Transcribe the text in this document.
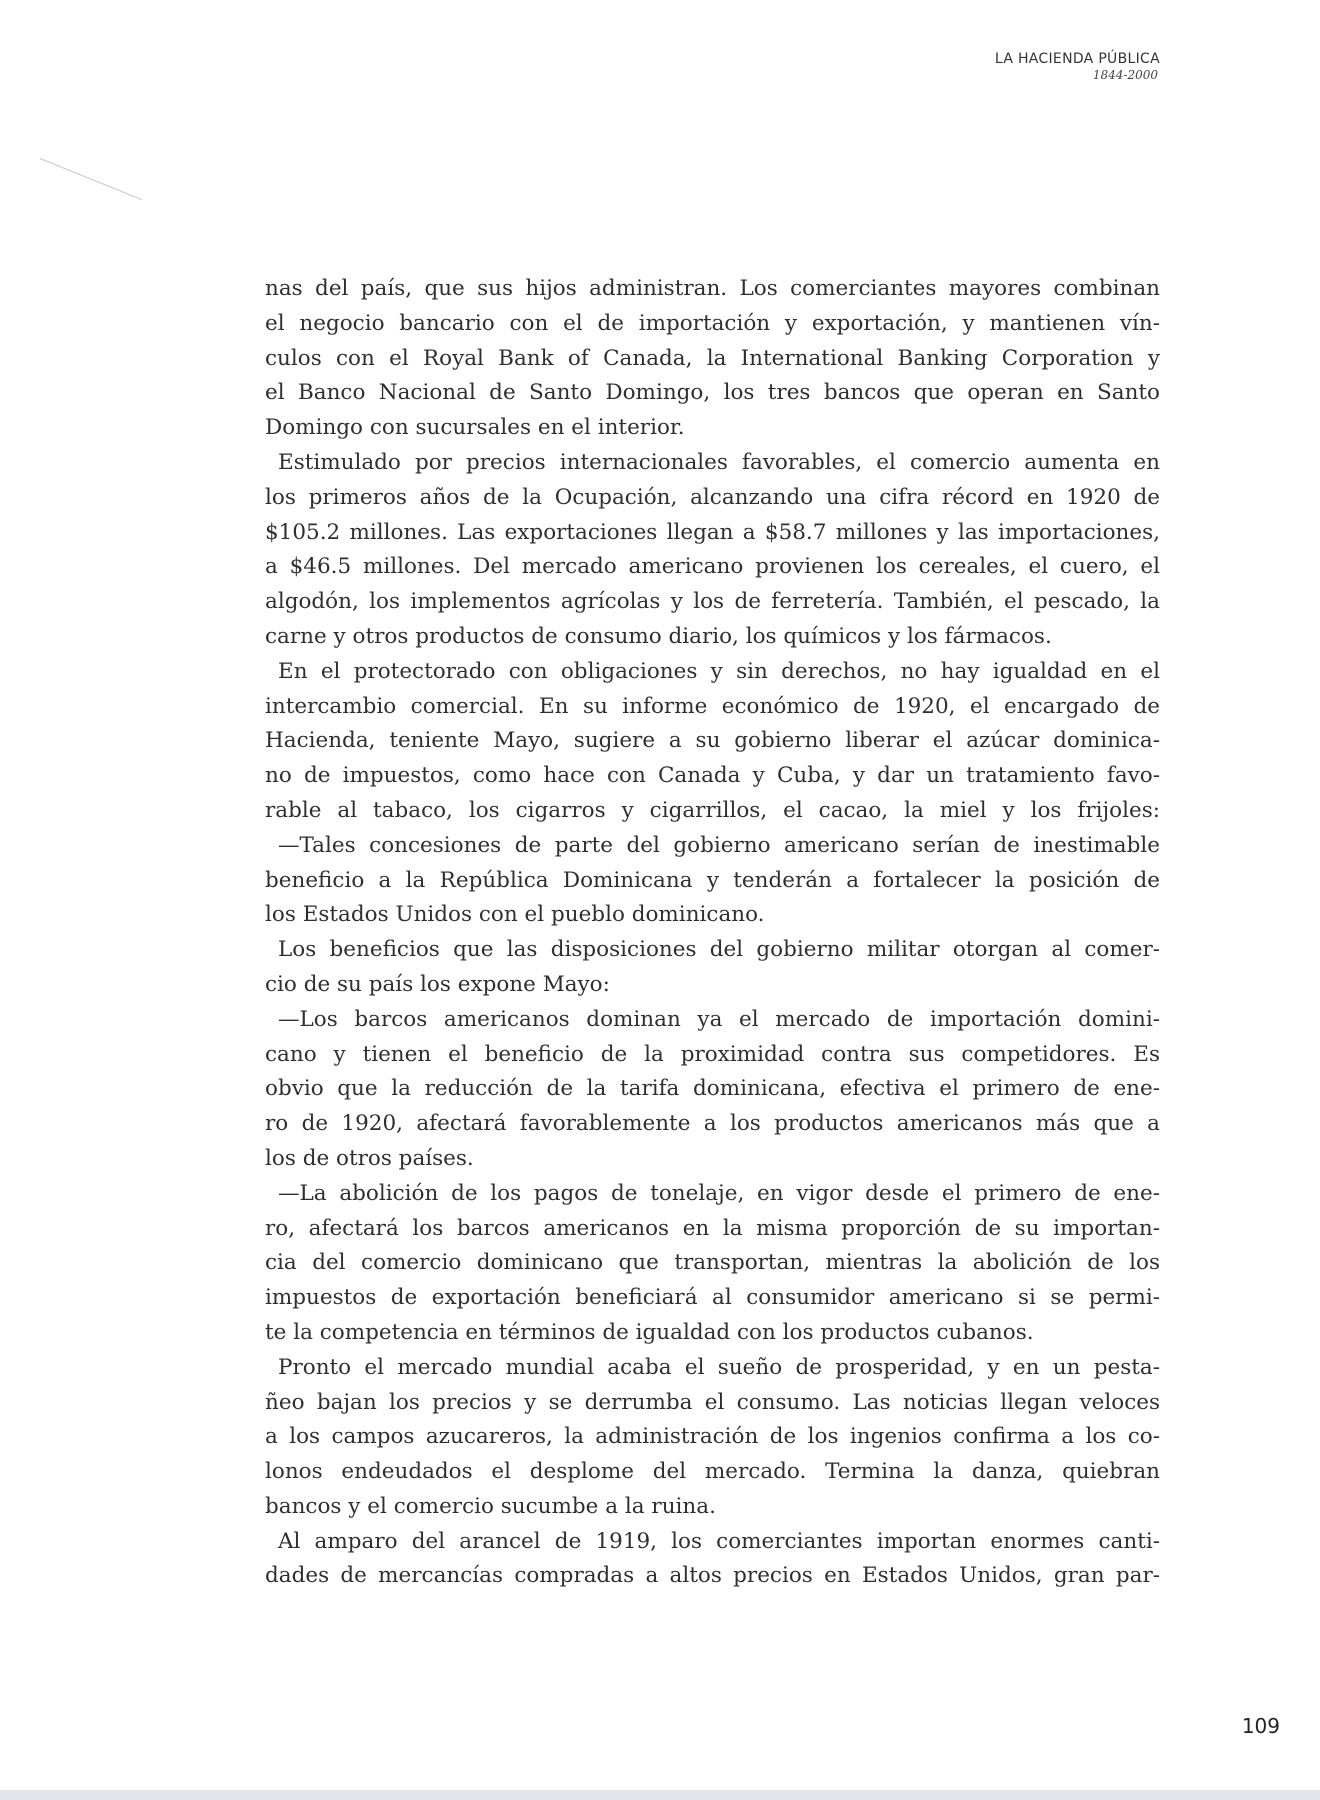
LA HACIENDA PÚBLICA
1844-2000
nas del país, que sus hijos administran. Los comerciantes mayores combinan
el negocio bancario con el de importación y exportación, y mantienen vín-
culos con el Royal Bank of Canada, la International Banking Corporation y
el Banco Nacional de Santo Domingo, los tres bancos que operan en Santo
Domingo con sucursales en el interior.
Estimulado por precios internacionales favorables, el comercio aumenta en
los primeros años de la Ocupación, alcanzando una cifra récord en 1920 de
$105.2 millones. Las exportaciones llegan a $58.7 millones y las importaciones,
a $46.5 millones. Del mercado americano provienen los cereales, el cuero, el
algodón, los implementos agrícolas y los de ferretería. También, el pescado, la
carne y otros productos de consumo diario, los químicos y los fármacos.
En el protectorado con obligaciones y sin derechos, no hay igualdad en el
intercambio comercial. En su informe económico de 1920, el encargado de
Hacienda, teniente Mayo, sugiere a su gobierno liberar el azúcar dominica-
no de impuestos, como hace con Canada y Cuba, y dar un tratamiento favo-
rable al tabaco, los cigarros y cigarrillos, el cacao, la miel y los frijoles:
—Tales concesiones de parte del gobierno americano serían de inestimable
beneficio a la República Dominicana y tenderán a fortalecer la posición de
los Estados Unidos con el pueblo dominicano.
Los beneficios que las disposiciones del gobierno militar otorgan al comer-
cio de su país los expone Mayo:
—Los barcos americanos dominan ya el mercado de importación domini-
cano y tienen el beneficio de la proximidad contra sus competidores. Es
obvio que la reducción de la tarifa dominicana, efectiva el primero de ene-
ro de 1920, afectará favorablemente a los productos americanos más que a
los de otros países.
—La abolición de los pagos de tonelaje, en vigor desde el primero de ene-
ro, afectará los barcos americanos en la misma proporción de su importan-
cia del comercio dominicano que transportan, mientras la abolición de los
impuestos de exportación beneficiará al consumidor americano si se permi-
te la competencia en términos de igualdad con los productos cubanos.
Pronto el mercado mundial acaba el sueño de prosperidad, y en un pesta-
ñeo bajan los precios y se derrumba el consumo. Las noticias llegan veloces
a los campos azucareros, la administración de los ingenios confirma a los co-
lonos endeudados el desplome del mercado. Termina la danza, quiebran
bancos y el comercio sucumbe a la ruina.
Al amparo del arancel de 1919, los comerciantes importan enormes canti-
dades de mercancías compradas a altos precios en Estados Unidos, gran par-
109
